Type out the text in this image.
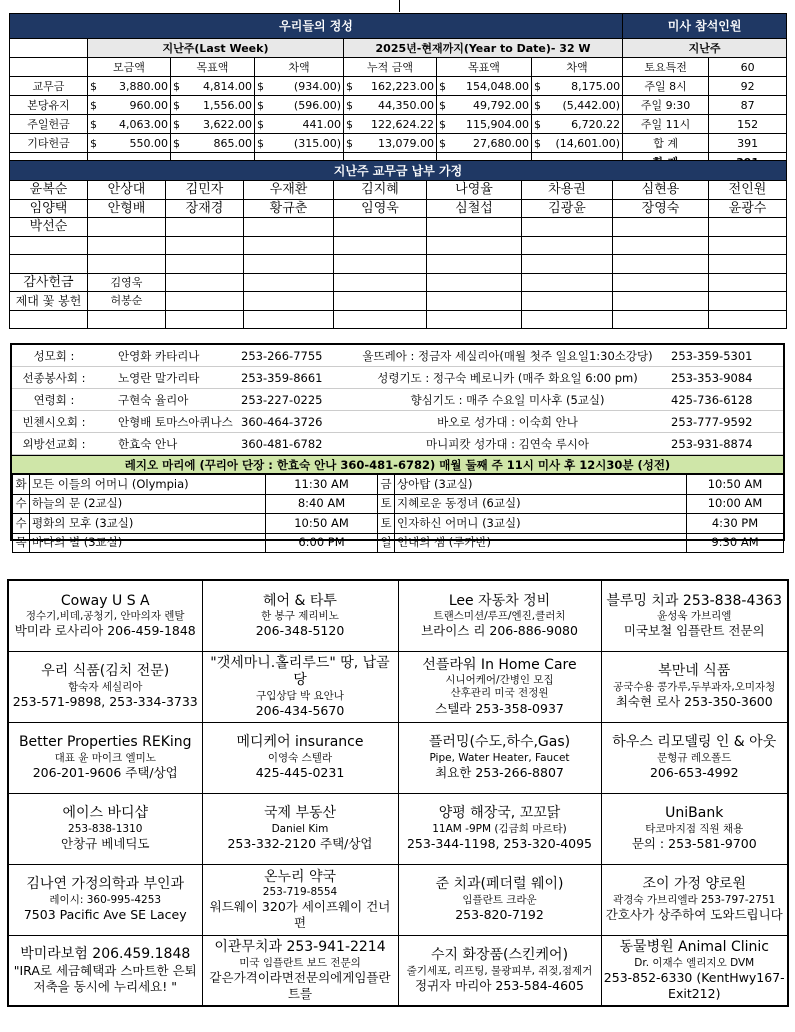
우리들의 정성							미사 참석인원	
	지난주(Last Week)			2025년-현재까지(Year to Date)- 32 W			지난주	
	모금액	목표액	차액	누적 금액	목표액	차액	토요특전	60
교무금	$ 3,880.00	$ 4,814.00	$ (934.00)	$ 162,223.00	$ 154,048.00	$ 8,175.00	주일 8시	92
본당유지	$ 960.00	$ 1,556.00	$ (596.00)	$ 44,350.00	$ 49,792.00	$ (5,442.00)	주일 9:30	87
주일헌금	$ 4,063.00	$ 3,622.00	$ 441.00	$ 122,624.22	$ 115,904.00	$ 6,720.22	주일 11시	152
기타헌금	$ 550.00	$ 865.00	$ (315.00)	$ 13,079.00	$ 27,680.00	$ (14,601.00)	합 계	391

지난주 교무금 납부 가정								
윤복순	안상대	김민자	우재환	김지혜	나영율	차용권	심현용	전인원
임양택	안형배	장재경	황규춘	임영욱	심철섭	김광윤	장영숙	윤광수
박선순								

감사헌금	김영욱							
제대 꽃 봉헌	허봉순							

성모회 :	안영화 카타리나	253-266-7755	울뜨레아 : 정금자 세실리아(매월 첫주 일요일1:30소강당)	253-359-5301
선종봉사회 :	노영란 말가리타	253-359-8661	성령기도 : 정구숙 베로니카 (매주 화요일 6:00 pm)	253-353-9084
연령회 :	구현숙 율리아	253-227-0225	향심기도 : 매주 수요일 미사후 (5교실)	425-736-6128
빈첸시오회 :	안형배 토마스아퀴나스 360-464-3726	바오로 성가대 : 이숙희 안나	253-777-9592
외방선교회 :	한효숙 안나	360-481-6782	마니피캇 성가대 : 김연숙 루시아	253-931-8874
레지오 마리에 (꾸리아 단장 : 한효숙 안나 360-481-6782) 매월 둘째 주 11시 미사 후 12시30분 (성전)
화	모든 이들의 어머니 (Olympia)	11:30 AM	금	상아탑 (3교실)	10:50 AM
수	하늘의 문 (2교실)	8:40 AM	토	지혜로운 동정녀 (6교실)	10:00 AM
수	평화의 모후 (3교실)	10:50 AM	토	인자하신 어머니 (3교실)	4:30 PM
목	바다의 별 (3교실)	6:00 PM	일	인내의 샘 (루카반)	9:30 AM
Coway U S A
정수기,비데,공청기, 안마의자 렌탈
박미라 로사리아 206-459-1848	헤어 & 타투
한 봉구 제리비노
206-348-5120	Lee 자동차 정비
트랜스미션/루프/엔진,클러치
브라이스 리 206-886-9080	블루밍 치과 253-838-4363
윤성욱 가브리엘
미국보철 임플란트 전문의

우리 식품(김치 전문)
함숙자 세실리아
253-571-9898, 253-334-3733	"갯세마니.홀리루드" 땅, 납골당
구입상담 박 요안나
206-434-5670	선플라워 In Home Care
시니어케어/간병인 모집
산후관리 미국 전정원
스텔라 253-358-0937	복만네 식품
공국수용 콩가루,두부과자,오미자청
최숙현 로사 253-350-3600

Better Properties REKing
대표 윤 마이크 엘미노
206-201-9606 주택/상업	메디케어 insurance
이영숙 스텔라
425-445-0231	플러밍(수도,하수,Gas)
Pipe, Water Heater, Faucet
최요한 253-266-8807	하우스 리모델링 인 & 아웃
문형규 레오폴드
206-653-4992

에이스 바디샵
253-838-1310
안창규 베네딕도	국제 부동산
Daniel Kim
253-332-2120 주택/상업	양평 해장국, 꼬꼬닭
11AM -9PM (김금희 마르타)
253-344-1198, 253-320-4095	UniBank
타코마지점 직원 채용
문의 : 253-581-9700

김나연 가정의학과 부인과
레이시: 360-995-4253
7503 Pacific Ave SE Lacey	온누리 약국
253-719-8554
워드웨이 320가 세이프웨이 건너편	준 치과(페더럴 웨이)
임플란트 크라운
253-820-7192	조이 가정 양로원
곽경숙 가브리엘라 253-797-2751
간호사가 상주하여 도와드립니다

박미라보험 206.459.1848
"IRA로 세금혜택과 스마트한 은퇴저축을 동시에 누리세요! "	이관무치과 253-941-2214
미국 임플란트 보드 전문의
같은가격이라면전문의에게임플란트를	수지 화장품(스킨케어)
줄기세포, 리프팅, 물광피부, 쥐젖,점제거
정귀자 마리아 253-584-4605	동물병원 Animal Clinic
Dr. 이재수 엘리지오 DVM
253-852-6330 (KentHwy167-Exit212)
